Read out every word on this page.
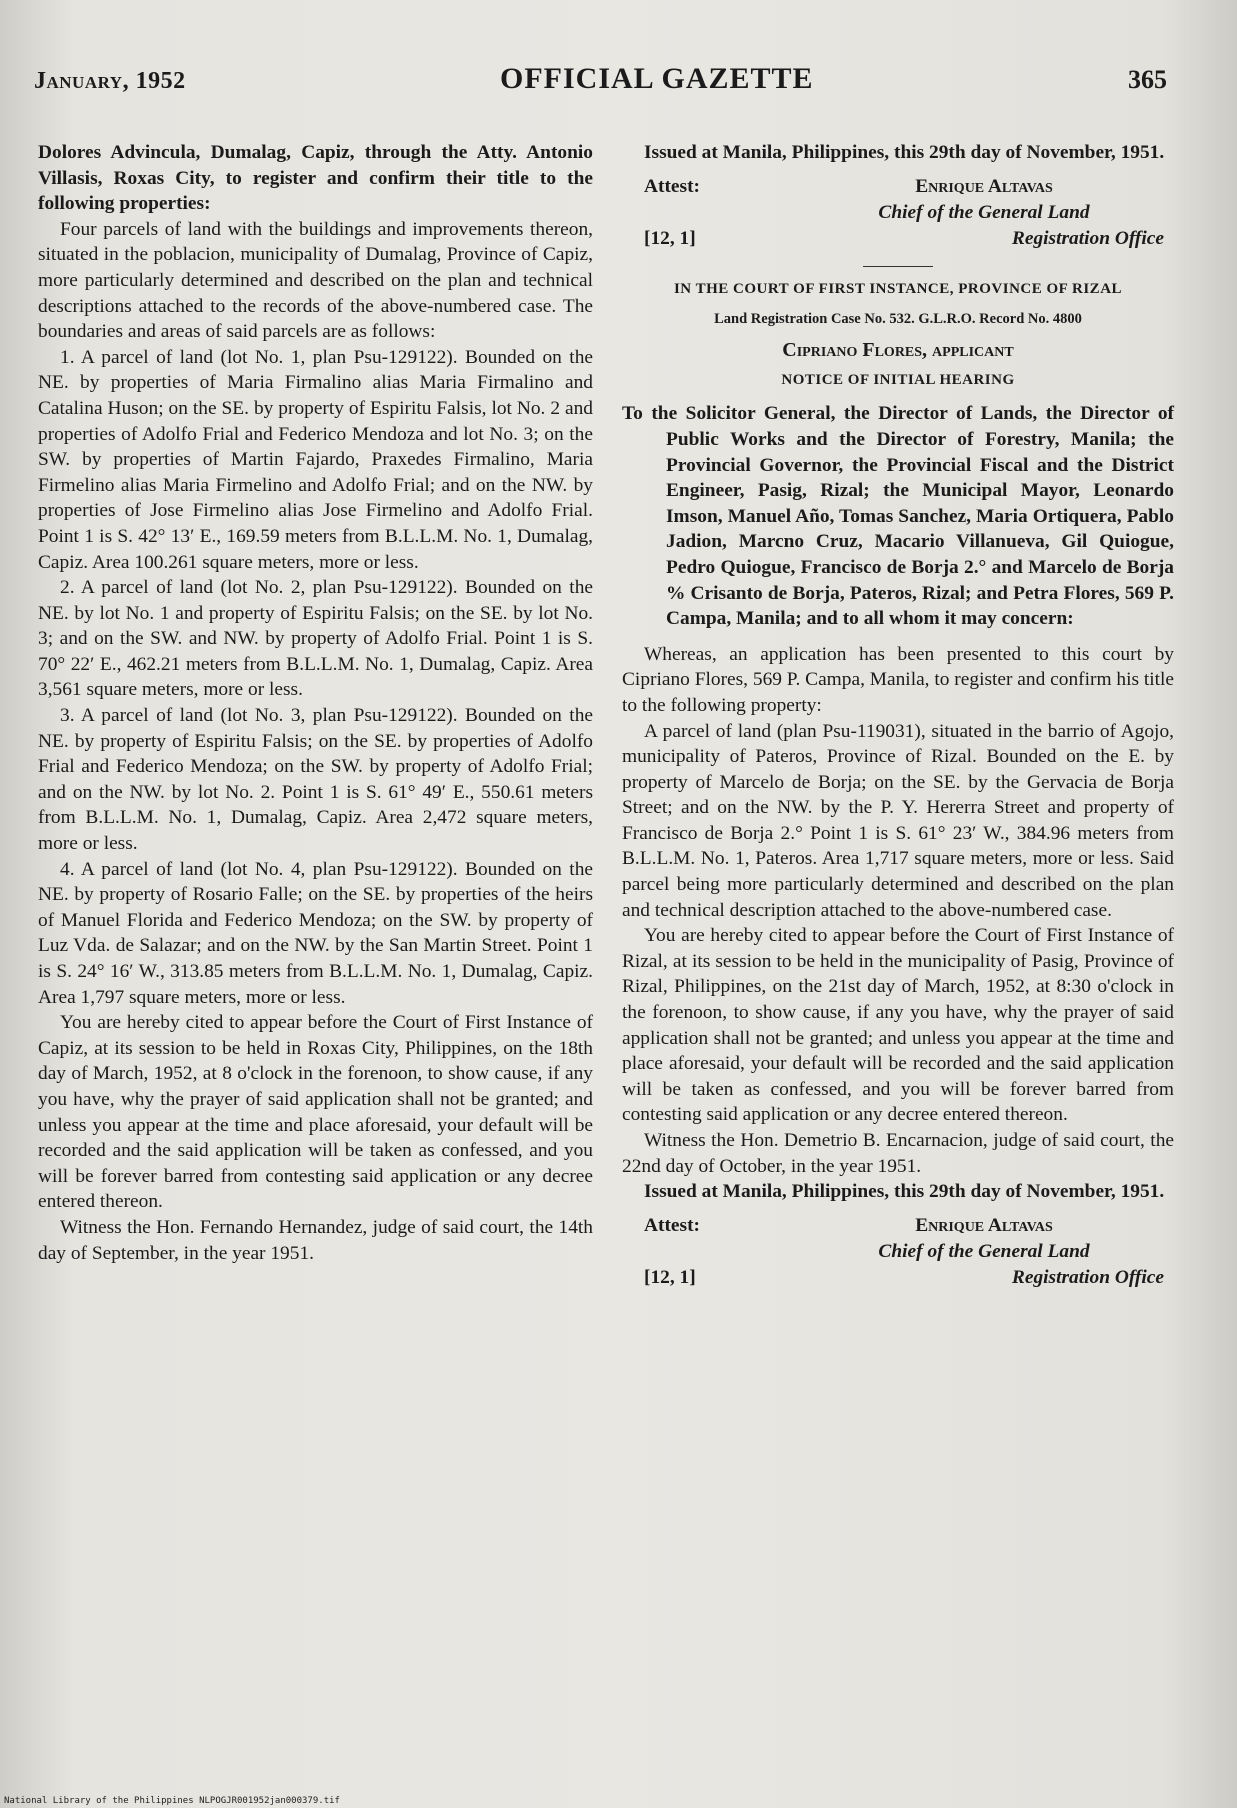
January, 1952	OFFICIAL GAZETTE	365

Dolores Advincula, Dumalag, Capiz, through the Atty. Antonio Villasis, Roxas City, to register and confirm their title to the following properties:

Four parcels of land with the buildings and improvements thereon, situated in the poblacion, municipality of Dumalag, Province of Capiz, more particularly determined and described on the plan and technical descriptions attached to the records of the above-numbered case. The boundaries and areas of said parcels are as follows:

1. A parcel of land (lot No. 1, plan Psu-129122). Bounded on the NE. by properties of Maria Firmalino alias Maria Firmalino and Catalina Huson; on the SE. by property of Espiritu Falsis, lot No. 2 and properties of Adolfo Frial and Federico Mendoza and lot No. 3; on the SW. by properties of Martin Fajardo, Praxedes Firmalino, Maria Firmelino alias Maria Firmelino and Adolfo Frial; and on the NW. by properties of Jose Firmelino alias Jose Firmelino and Adolfo Frial. Point 1 is S. 42° 13′ E., 169.59 meters from B.L.L.M. No. 1, Dumalag, Capiz. Area 100.261 square meters, more or less.

2. A parcel of land (lot No. 2, plan Psu-129122). Bounded on the NE. by lot No. 1 and property of Espiritu Falsis; on the SE. by lot No. 3; and on the SW. and NW. by property of Adolfo Frial. Point 1 is S. 70° 22′ E., 462.21 meters from B.L.L.M. No. 1, Dumalag, Capiz. Area 3,561 square meters, more or less.

3. A parcel of land (lot No. 3, plan Psu-129122). Bounded on the NE. by property of Espiritu Falsis; on the SE. by properties of Adolfo Frial and Federico Mendoza; on the SW. by property of Adolfo Frial; and on the NW. by lot No. 2. Point 1 is S. 61° 49′ E., 550.61 meters from B.L.L.M. No. 1, Dumalag, Capiz. Area 2,472 square meters, more or less.

4. A parcel of land (lot No. 4, plan Psu-129122). Bounded on the NE. by property of Rosario Falle; on the SE. by properties of the heirs of Manuel Florida and Federico Mendoza; on the SW. by property of Luz Vda. de Salazar; and on the NW. by the San Martin Street. Point 1 is S. 24° 16′ W., 313.85 meters from B.L.L.M. No. 1, Dumalag, Capiz. Area 1,797 square meters, more or less.

You are hereby cited to appear before the Court of First Instance of Capiz, at its session to be held in Roxas City, Philippines, on the 18th day of March, 1952, at 8 o'clock in the forenoon, to show cause, if any you have, why the prayer of said application shall not be granted; and unless you appear at the time and place aforesaid, your default will be recorded and the said application will be taken as confessed, and you will be forever barred from contesting said application or any decree entered thereon.

Witness the Hon. Fernando Hernandez, judge of said court, the 14th day of September, in the year 1951.

Issued at Manila, Philippines, this 29th day of November, 1951.

Attest:	Enrique Altavas
Chief of the General Land
[12, 1]	Registration Office

IN THE COURT OF FIRST INSTANCE, PROVINCE OF RIZAL

Land Registration Case No. 532. G.L.R.O. Record No. 4800

Cipriano Flores, applicant

NOTICE OF INITIAL HEARING

To the Solicitor General, the Director of Lands, the Director of Public Works and the Director of Forestry, Manila; the Provincial Governor, the Provincial Fiscal and the District Engineer, Pasig, Rizal; the Municipal Mayor, Leonardo Imson, Manuel Año, Tomas Sanchez, Maria Ortiquera, Pablo Jadion, Marcno Cruz, Macario Villanueva, Gil Quiogue, Pedro Quiogue, Francisco de Borja 2.° and Marcelo de Borja % Crisanto de Borja, Pateros, Rizal; and Petra Flores, 569 P. Campa, Manila; and to all whom it may concern:

Whereas, an application has been presented to this court by Cipriano Flores, 569 P. Campa, Manila, to register and confirm his title to the following property:

A parcel of land (plan Psu-119031), situated in the barrio of Agojo, municipality of Pateros, Province of Rizal. Bounded on the E. by property of Marcelo de Borja; on the SE. by the Gervacia de Borja Street; and on the NW. by the P. Y. Hererra Street and property of Francisco de Borja 2.° Point 1 is S. 61° 23′ W., 384.96 meters from B.L.L.M. No. 1, Pateros. Area 1,717 square meters, more or less. Said parcel being more particularly determined and described on the plan and technical description attached to the above-numbered case.

You are hereby cited to appear before the Court of First Instance of Rizal, at its session to be held in the municipality of Pasig, Province of Rizal, Philippines, on the 21st day of March, 1952, at 8:30 o'clock in the forenoon, to show cause, if any you have, why the prayer of said application shall not be granted; and unless you appear at the time and place aforesaid, your default will be recorded and the said application will be taken as confessed, and you will be forever barred from contesting said application or any decree entered thereon.

Witness the Hon. Demetrio B. Encarnacion, judge of said court, the 22nd day of October, in the year 1951.

Issued at Manila, Philippines, this 29th day of November, 1951.

Attest:	Enrique Altavas
Chief of the General Land
[12, 1]	Registration Office
National Library of the Philippines NLPOGJR001952jan000379.tif
